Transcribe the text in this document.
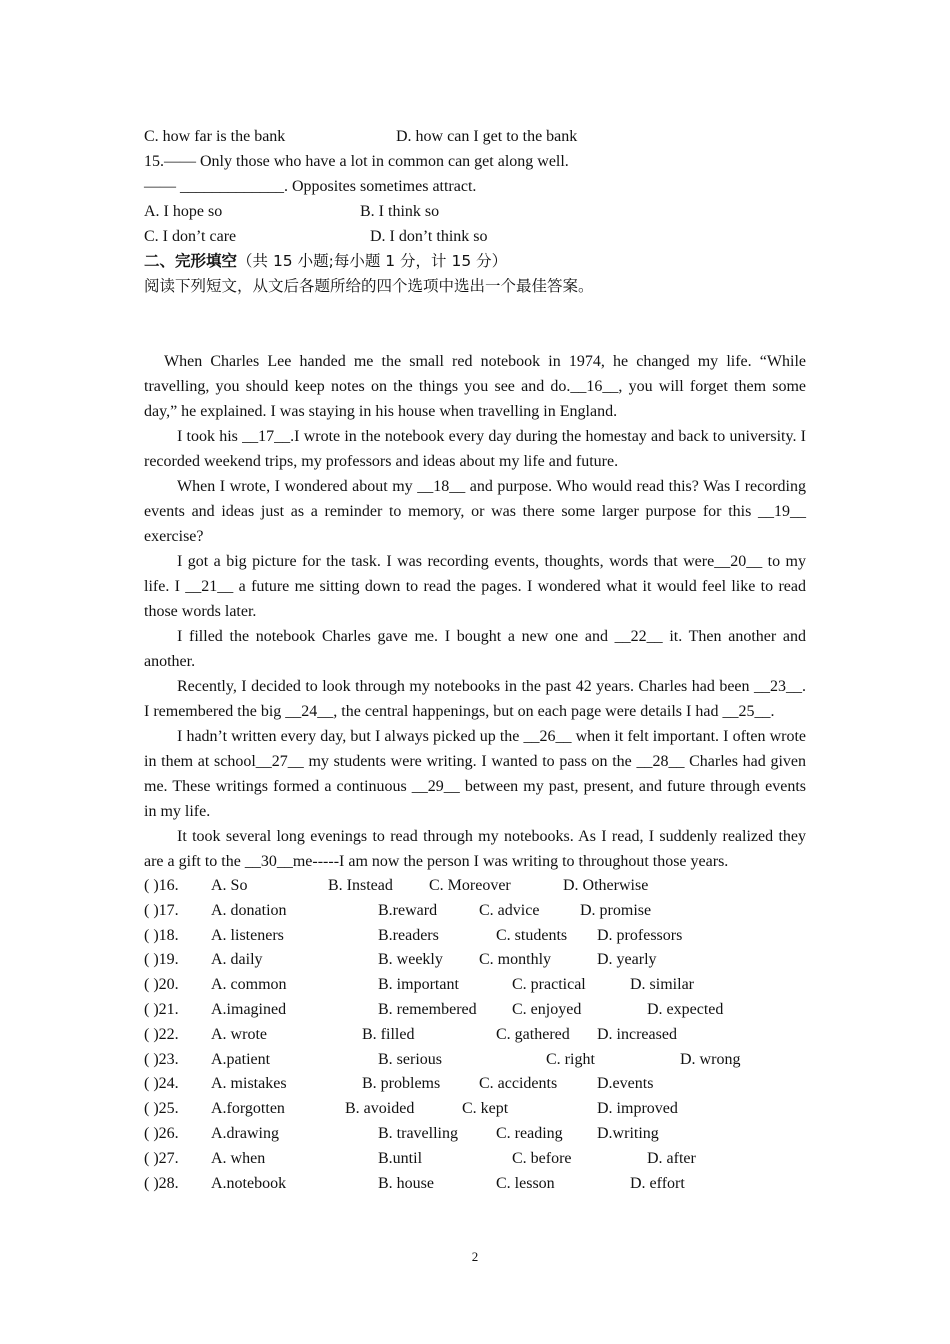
C. how far is the bank	D. how can I get to the bank
15.—— Only those who have a lot in common can get along well.
—— _____________. Opposites sometimes attract.
A. I hope so	B. I think so
C. I don’t care	D. I don’t think so
二、完形填空（共 15 小题;每小题 1 分，计 15 分）
阅读下列短文，从文后各题所给的四个选项中选出一个最佳答案。

When Charles Lee handed me the small red notebook in 1974, he changed my life. “While travelling, you should keep notes on the things you see and do.__16__, you will forget them some day,” he explained. I was staying in his house when travelling in England.

I took his __17__.I wrote in the notebook every day during the homestay and back to university. I recorded weekend trips, my professors and ideas about my life and future.

When I wrote, I wondered about my __18__ and purpose. Who would read this? Was I recording events and ideas just as a reminder to memory, or was there some larger purpose for this __19__ exercise?

I got a big picture for the task. I was recording events, thoughts, words that were__20__ to my life. I __21__ a future me sitting down to read the pages. I wondered what it would feel like to read those words later.

I filled the notebook Charles gave me. I bought a new one and __22__ it. Then another and another.

Recently, I decided to look through my notebooks in the past 42 years. Charles had been __23__. I remembered the big __24__, the central happenings, but on each page were details I had __25__.

I hadn’t written every day, but I always picked up the __26__ when it felt important. I often wrote in them at school__27__ my students were writing. I wanted to pass on the __28__ Charles had given me. These writings formed a continuous __29__ between my past, present, and future through events in my life.

It took several long evenings to read through my notebooks. As I read, I suddenly realized they are a gift to the __30__me-----I am now the person I was writing to throughout those years.

( )16. A. So	B. Instead C. Moreover	D. Otherwise
( )17. A. donation	B.reward	C. advice	D. promise
( )18. A. listeners	B.readers	C. students D. professors
( )19. A. daily	B. weekly C. monthly	D. yearly
( )20. A. common	B. important	C. practical	D. similar
( )21. A.imagined	B. remembered C. enjoyed	D. expected
( )22. A. wrote	B. filled	C. gathered D. increased
( )23. A.patient	B. serious	C. right	D. wrong
( )24. A. mistakes	B. problems C. accidents D.events
( )25. A.forgotten	B. avoided	C. kept	D. improved
( )26. A.drawing	B. travelling C. reading D.writing
( )27. A. when	B.until	C. before	D. after
( )28. A.notebook	B. house	C. lesson	D. effort
2
